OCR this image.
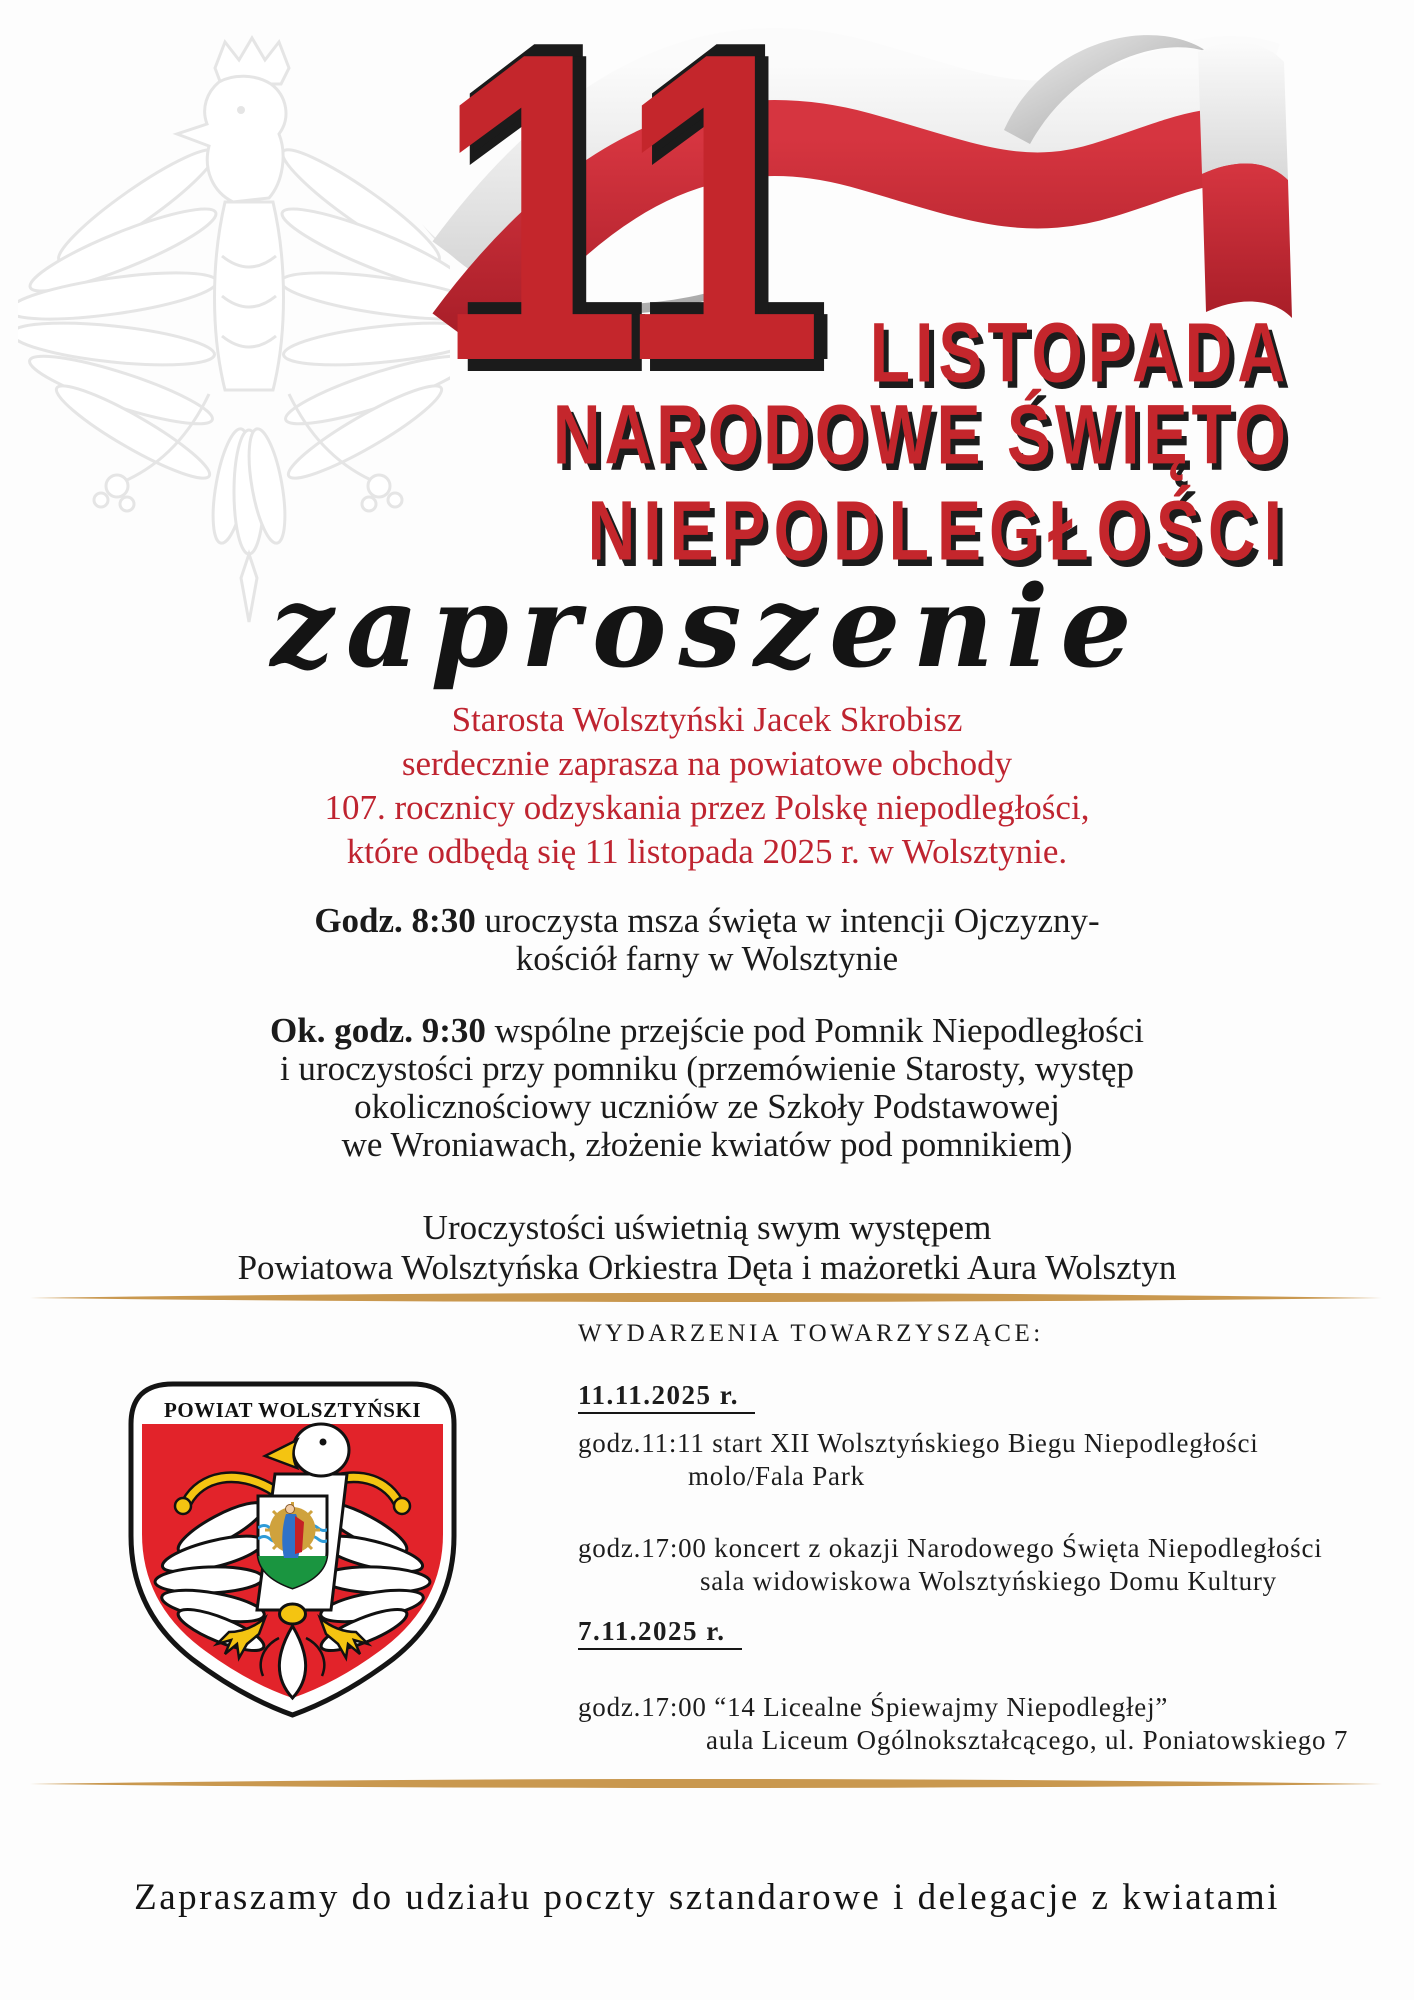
11 LISTOPADA
NARODOWE ŚWIĘTO
NIEPODLEGŁOŚCI
zaproszenie
Starosta Wolsztyński Jacek Skrobisz
serdecznie zaprasza na powiatowe obchody
107. rocznicy odzyskania przez Polskę niepodległości,
które odbędą się 11 listopada 2025 r. w Wolsztynie.
Godz. 8:30 uroczysta msza święta w intencji Ojczyzny-
kościół farny w Wolsztynie
Ok. godz. 9:30 wspólne przejście pod Pomnik Niepodległości
i uroczystości przy pomniku (przemówienie Starosty, występ
okolicznościowy uczniów ze Szkoły Podstawowej
we Wroniawach, złożenie kwiatów pod pomnikiem)
Uroczystości uświetnią swym występem
Powiatowa Wolsztyńska Orkiestra Dęta i mażoretki Aura Wolsztyn
WYDARZENIA TOWARZYSZĄCE:
POWIAT WOLSZTYŃSKI	11.11.2025 r.
godz.11:11 start XII Wolsztyńskiego Biegu Niepodległości
molo/Fala Park
godz.17:00 koncert z okazji Narodowego Święta Niepodległości
sala widowiskowa Wolsztyńskiego Domu Kultury
7.11.2025 r.
godz.17:00 “14 Licealne Śpiewajmy Niepodległej”
aula Liceum Ogólnokształcącego, ul. Poniatowskiego 7
Zapraszamy do udziału poczty sztandarowe i delegacje z kwiatami
